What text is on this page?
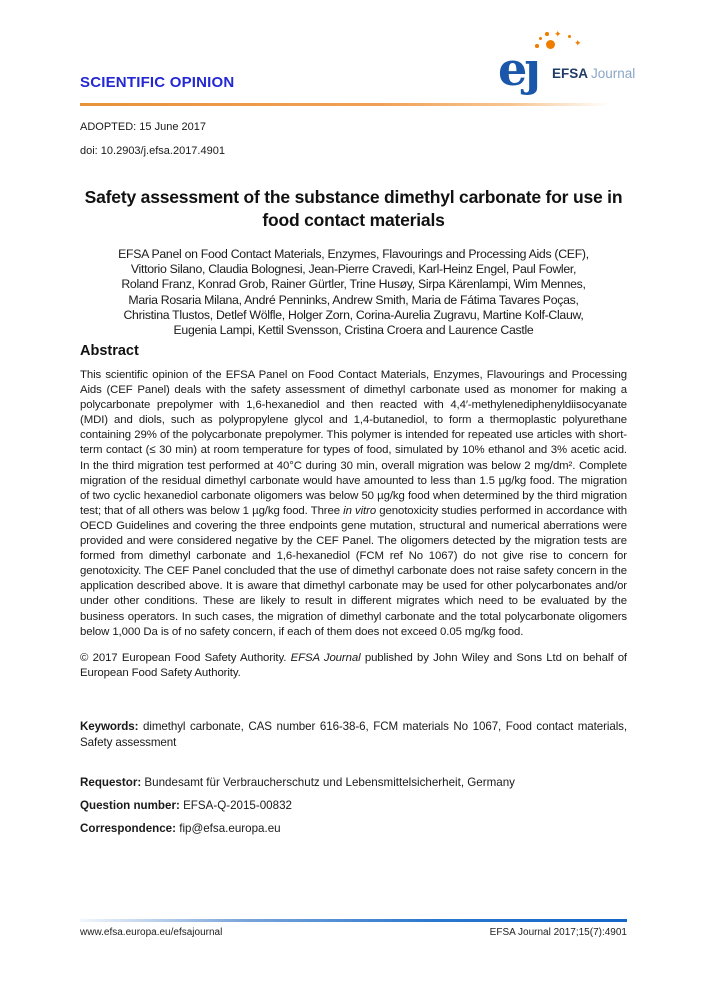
SCIENTIFIC OPINION
✦
✦
eȷ EFSA Journal
ADOPTED: 15 June 2017
doi: 10.2903/j.efsa.2017.4901
Safety assessment of the substance dimethyl carbonate for use in food contact materials
EFSA Panel on Food Contact Materials, Enzymes, Flavourings and Processing Aids (CEF),
Vittorio Silano, Claudia Bolognesi, Jean-Pierre Cravedi, Karl-Heinz Engel, Paul Fowler,
Roland Franz, Konrad Grob, Rainer Gürtler, Trine Husøy, Sirpa Kärenlampi, Wim Mennes,
Maria Rosaria Milana, André Penninks, Andrew Smith, Maria de Fátima Tavares Poças,
Christina Tlustos, Detlef Wölfle, Holger Zorn, Corina-Aurelia Zugravu, Martine Kolf-Clauw,
Eugenia Lampi, Kettil Svensson, Cristina Croera and Laurence Castle
Abstract

This scientific opinion of the EFSA Panel on Food Contact Materials, Enzymes, Flavourings and Processing Aids (CEF Panel) deals with the safety assessment of dimethyl carbonate used as monomer for making a polycarbonate prepolymer with 1,6-hexanediol and then reacted with 4,4′-methylenediphenyldiisocyanate (MDI) and diols, such as polypropylene glycol and 1,4-butanediol, to form a thermoplastic polyurethane containing 29% of the polycarbonate prepolymer. This polymer is intended for repeated use articles with short-term contact (≤ 30 min) at room temperature for types of food, simulated by 10% ethanol and 3% acetic acid. In the third migration test performed at 40°C during 30 min, overall migration was below 2 mg/dm². Complete migration of the residual dimethyl carbonate would have amounted to less than 1.5 µg/kg food. The migration of two cyclic hexanediol carbonate oligomers was below 50 µg/kg food when determined by the third migration test; that of all others was below 1 µg/kg food. Three in vitro genotoxicity studies performed in accordance with OECD Guidelines and covering the three endpoints gene mutation, structural and numerical aberrations were provided and were considered negative by the CEF Panel. The oligomers detected by the migration tests are formed from dimethyl carbonate and 1,6-hexanediol (FCM ref No 1067) do not give rise to concern for genotoxicity. The CEF Panel concluded that the use of dimethyl carbonate does not raise safety concern in the application described above. It is aware that dimethyl carbonate may be used for other polycarbonates and/or under other conditions. These are likely to result in different migrates which need to be evaluated by the business operators. In such cases, the migration of dimethyl carbonate and the total polycarbonate oligomers below 1,000 Da is of no safety concern, if each of them does not exceed 0.05 mg/kg food.

© 2017 European Food Safety Authority. EFSA Journal published by John Wiley and Sons Ltd on behalf of European Food Safety Authority.

Keywords: dimethyl carbonate, CAS number 616-38-6, FCM materials No 1067, Food contact materials, Safety assessment
Requestor: Bundesamt für Verbraucherschutz und Lebensmittelsicherheit, Germany
Question number: EFSA-Q-2015-00832
Correspondence: fip@efsa.europa.eu
www.efsa.europa.eu/efsajournal	EFSA Journal 2017;15(7):4901
